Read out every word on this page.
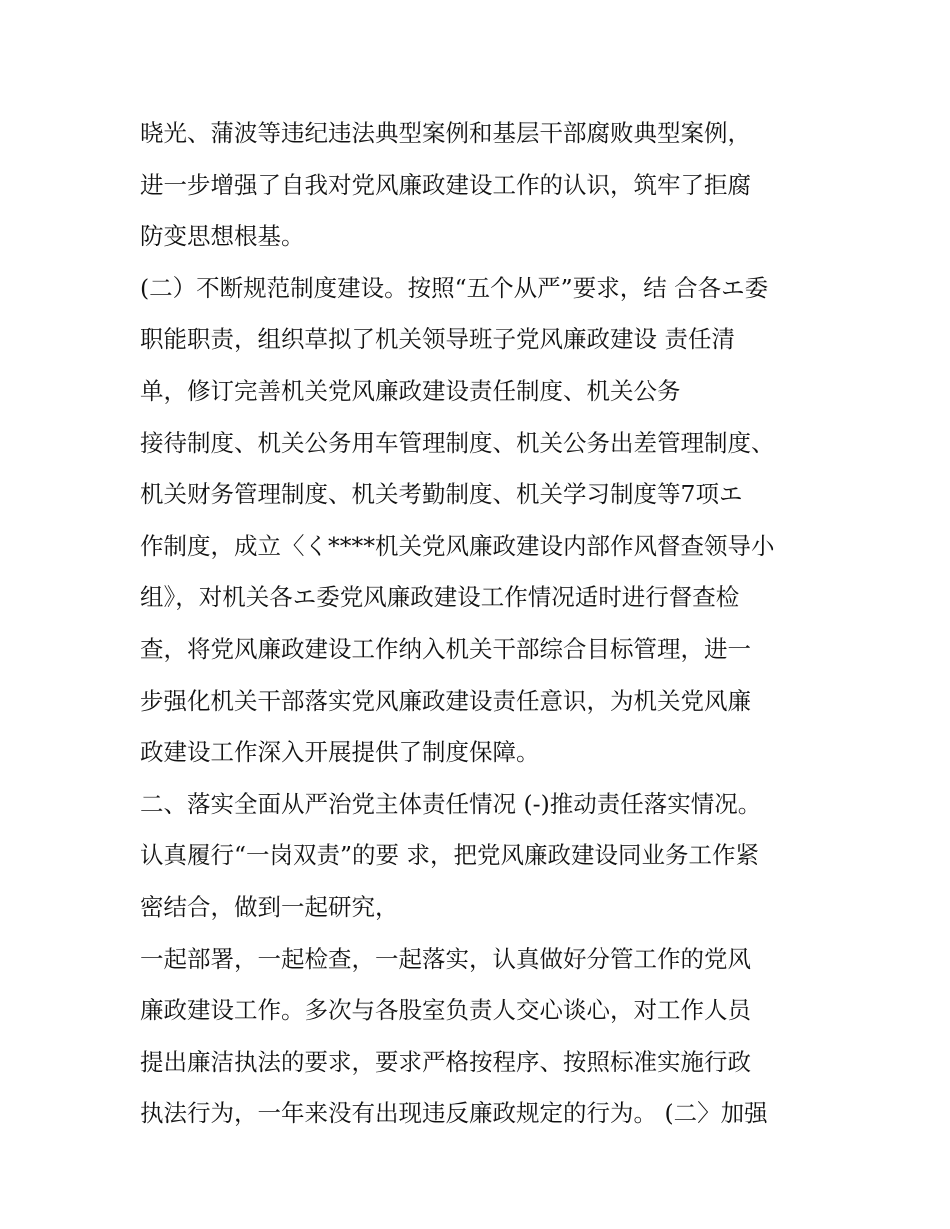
晓光、蒲波等违纪违法典型案例和基层干部腐败典型案例，
进一步增强了自我对党风廉政建设工作的认识，筑牢了拒腐
防变思想根基。
(二）不断规范制度建设。按照“五个从严”要求，结 合各エ委
职能职责，组织草拟了机关领导班子党风廉政建设 责任清
单，修订完善机关党风廉政建设责任制度、机关公务
接待制度、机关公务用车管理制度、机关公务出差管理制度、
机关财务管理制度、机关考勤制度、机关学习制度等7项エ
作制度，成立〈く****机关党风廉政建设内部作风督查领导小
组》，对机关各エ委党风廉政建设工作情况适时进行督查检
查，将党风廉政建设工作纳入机关干部综合目标管理，进一
步强化机关干部落实党风廉政建设责任意识，为机关党风廉
政建设工作深入开展提供了制度保障。
二、落实全面从严治党主体责任情况 (-)推动责任落实情况。
认真履行“一岗双责”的要 求，把党风廉政建设同业务工作紧
密结合，做到一起研究，
一起部署，一起检查，一起落实，认真做好分管工作的党风
廉政建设工作。多次与各股室负责人交心谈心，对工作人员
提出廉洁执法的要求，要求严格按程序、按照标准实施行政
执法行为，一年来没有出现违反廉政规定的行为。 (二〉加强
